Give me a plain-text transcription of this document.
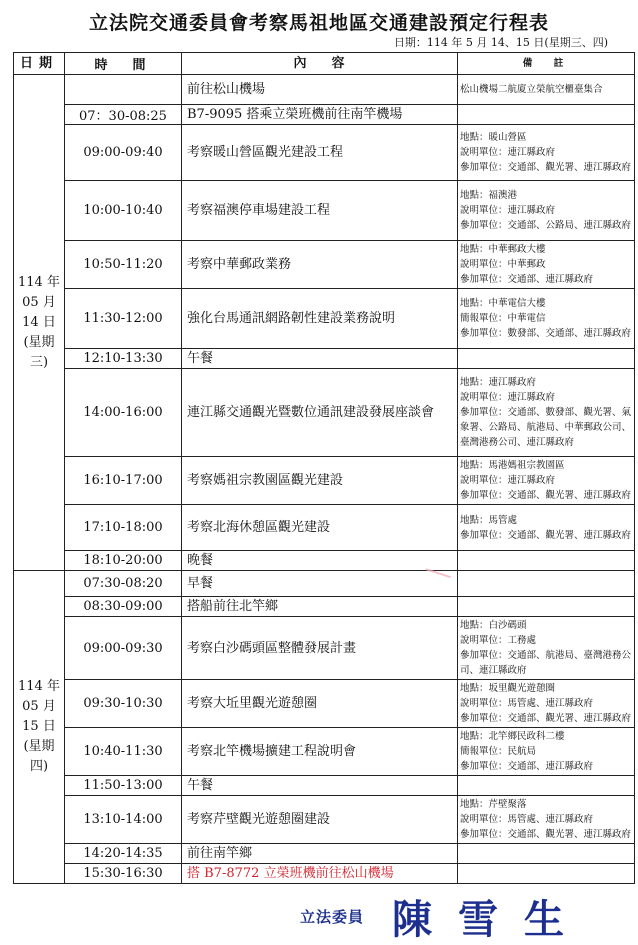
立法院交通委員會考察馬祖地區交通建設預定行程表
日期：114 年 5 月 14、15 日(星期三、四)
日期	時　間	內　容	備　註

114 年
05 月
14 日
(星期
三)		前往松山機場	松山機場二航廈立榮航空櫃臺集合

	07：30-08:25	B7-9095 搭乘立榮班機前往南竿機場	
	09:00-09:40	考察暖山營區觀光建設工程	地點：暖山營區
說明單位：連江縣政府
參加單位：交通部、觀光署、連江縣政府

	10:00-10:40	考察福澳停車場建設工程	地點：福澳港
說明單位：連江縣政府
參加單位：交通部、公路局、連江縣政府

	10:50-11:20	考察中華郵政業務	地點：中華郵政大樓
說明單位：中華郵政
參加單位：交通部、連江縣政府

	11:30-12:00	強化台馬通訊網路韌性建設業務說明	地點：中華電信大樓
簡報單位：中華電信
參加單位：數發部、交通部、連江縣政府

	12:10-13:30	午餐	
	14:00-16:00	連江縣交通觀光暨數位通訊建設發展座談會	地點：連江縣政府
說明單位：連江縣政府
參加單位：交通部、數發部、觀光署、氣象署、公路局、航港局、中華郵政公司、臺灣港務公司、連江縣政府

	16:10-17:00	考察媽祖宗教園區觀光建設	地點：馬港媽祖宗教園區
說明單位：連江縣政府
參加單位：交通部、觀光署、連江縣政府

	17:10-18:00	考察北海休憩區觀光建設	地點：馬管處
參加單位：交通部、觀光署、連江縣政府

	18:10-20:00	晚餐	

114 年
05 月
15 日
(星期
四)	07:30-08:20	早餐	
	08:30-09:00	搭船前往北竿鄉	
	09:00-09:30	考察白沙碼頭區整體發展計畫	地點：白沙碼頭
說明單位：工務處
參加單位：交通部、航港局、臺灣港務公司、連江縣政府

	09:30-10:30	考察大坵里觀光遊憩圈	地點：坂里觀光遊憩圈
說明單位：馬管處、連江縣政府
參加單位：交通部、觀光署、連江縣政府

	10:40-11:30	考察北竿機場擴建工程說明會	地點：北竿鄉民政科二樓
簡報單位：民航局
參加單位：交通部、連江縣政府

	11:50-13:00	午餐	
	13:10-14:00	考察芹壁觀光遊憩圈建設	地點：芹壁聚落
說明單位：馬管處、連江縣政府
參加單位：交通部、觀光署、連江縣政府

	14:20-14:35	前往南竿鄉	
	15:30-16:30	搭 B7-8772 立榮班機前往松山機場	
立法委員 陳雪生
